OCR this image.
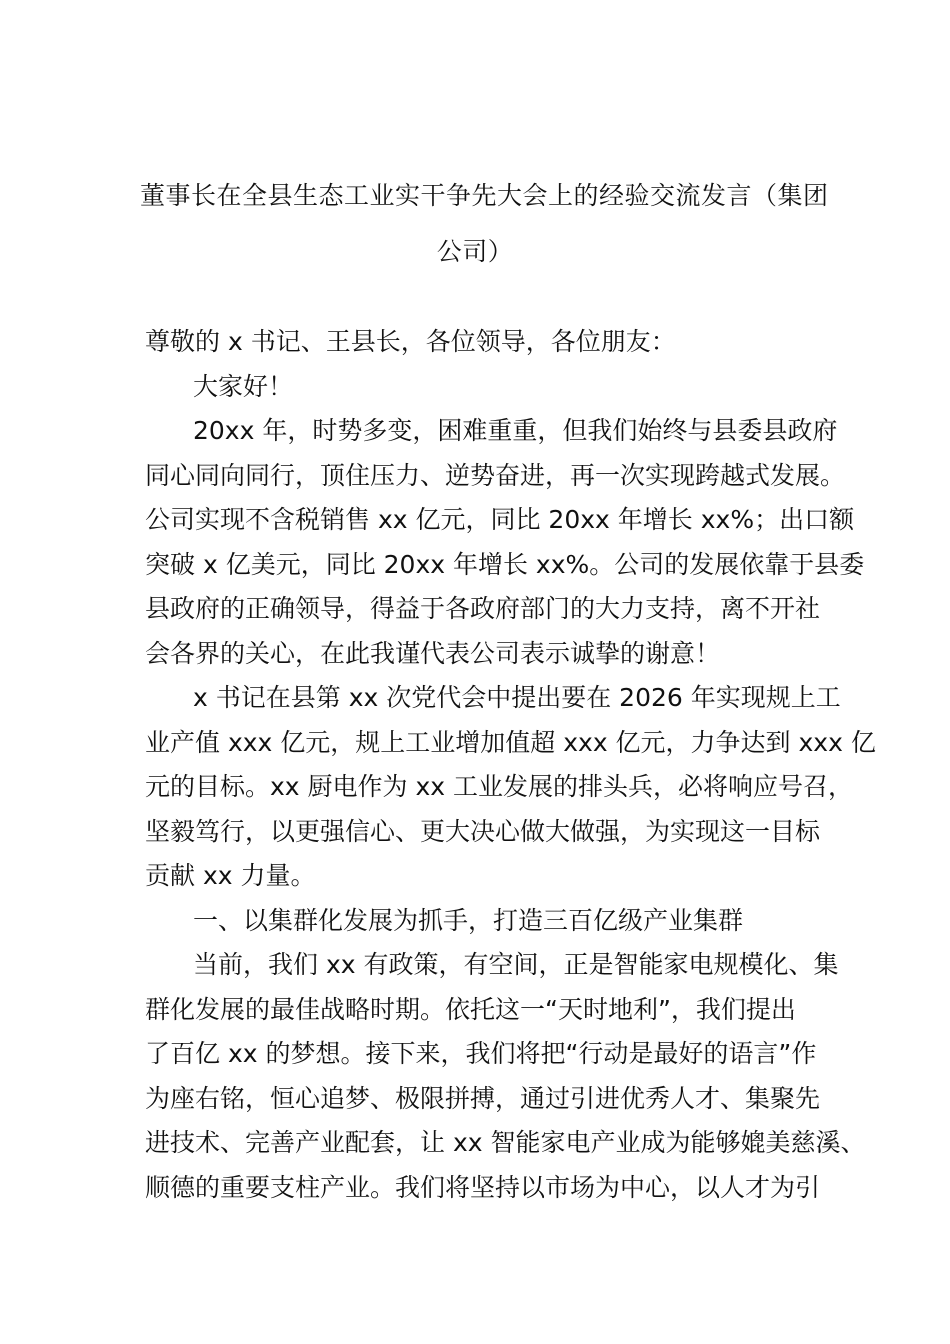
董事长在全县生态工业实干争先大会上的经验交流发言（集团
公司）
尊敬的 x 书记、王县长，各位领导，各位朋友：
大家好！
20xx 年，时势多变，困难重重，但我们始终与县委县政府
同心同向同行，顶住压力、逆势奋进，再一次实现跨越式发展。
公司实现不含税销售 xx 亿元，同比 20xx 年增长 xx%；出口额
突破 x 亿美元，同比 20xx 年增长 xx%。公司的发展依靠于县委
县政府的正确领导，得益于各政府部门的大力支持，离不开社
会各界的关心，在此我谨代表公司表示诚挚的谢意！
x 书记在县第 xx 次党代会中提出要在 2026 年实现规上工
业产值 xxx 亿元，规上工业增加值超 xxx 亿元，力争达到 xxx 亿
元的目标。xx 厨电作为 xx 工业发展的排头兵，必将响应号召，
坚毅笃行，以更强信心、更大决心做大做强，为实现这一目标
贡献 xx 力量。
一、以集群化发展为抓手，打造三百亿级产业集群
当前，我们 xx 有政策，有空间，正是智能家电规模化、集
群化发展的最佳战略时期。依托这一“天时地利”，我们提出
了百亿 xx 的梦想。接下来，我们将把“行动是最好的语言”作
为座右铭，恒心追梦、极限拼搏，通过引进优秀人才、集聚先
进技术、完善产业配套，让 xx 智能家电产业成为能够媲美慈溪、
顺德的重要支柱产业。我们将坚持以市场为中心，以人才为引
